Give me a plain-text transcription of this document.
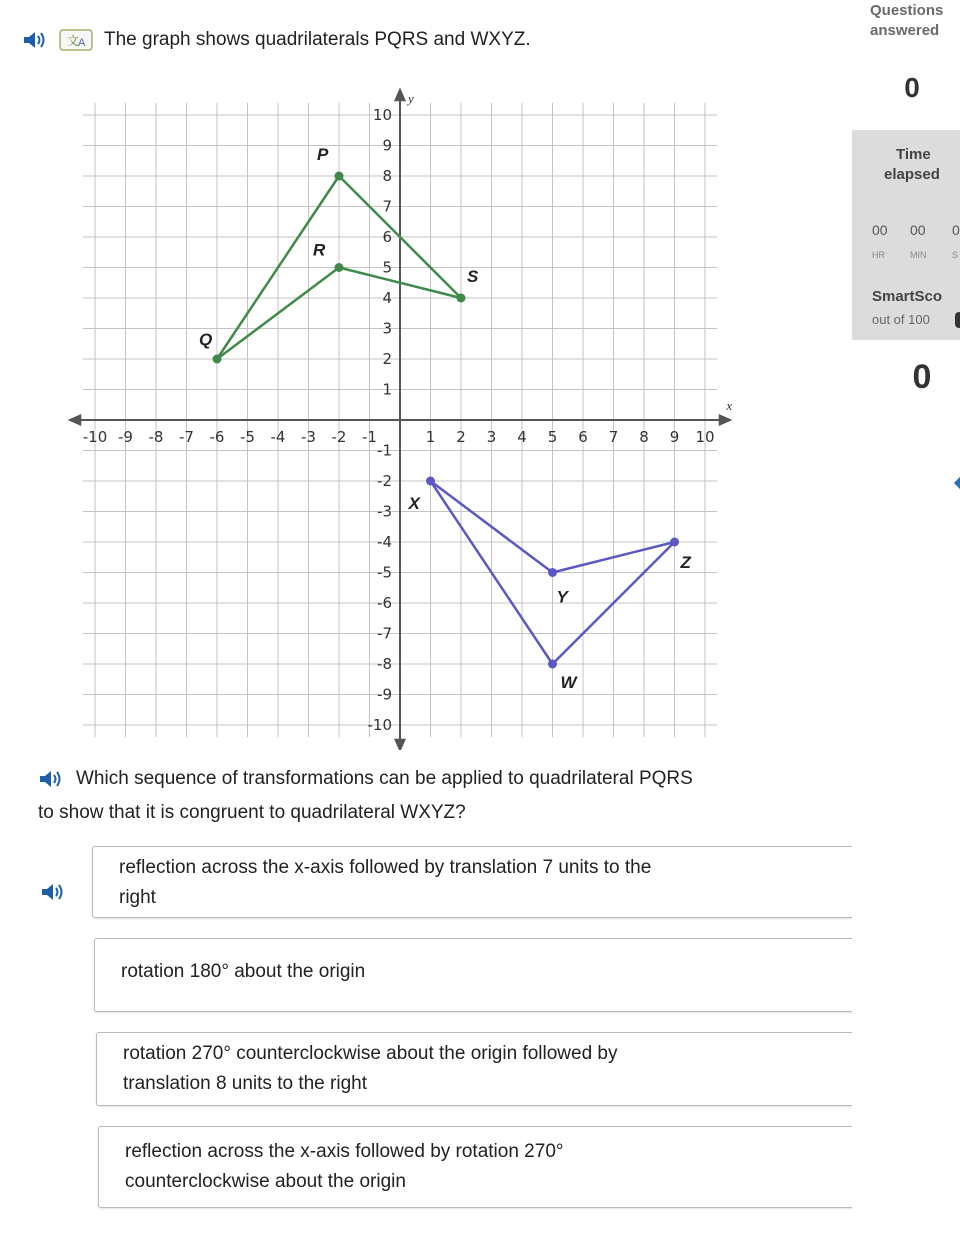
文
A The graph shows quadrilaterals PQRS and WXYZ.
x
y
-10 -9 -8 -7 -6 -5 -4 -3 -2 -1	1 2 3 4 5 6 7 8 9 10
10
9
8
7
6
5
4
3
2
1
-1
-2
-3
-4
-5
-6
-7
-8
-9
-10
P
Q
R
S
W
X
Y
Z
Which sequence of transformations can be applied to quadrilateral PQRS
to show that it is congruent to quadrilateral WXYZ?
reflection across the x-axis followed by translation 7 units to the
right
rotation 180° about the origin
rotation 270° counterclockwise about the origin followed by
translation 8 units to the right
reflection across the x-axis followed by rotation 270°
counterclockwise about the origin
Questions
answered
0
Time
elapsed
00 00 0
HR	MIN	S
SmartSco
out of 100
0
